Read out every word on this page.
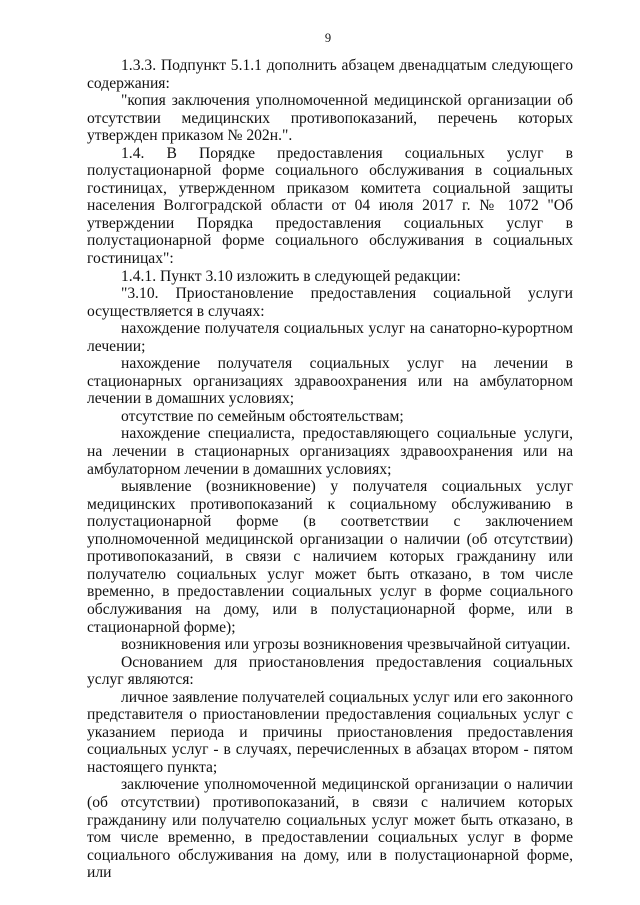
9

1.3.3. Подпункт 5.1.1 дополнить абзацем двенадцатым следующего содержания:

"копия заключения уполномоченной медицинской организации об отсутствии медицинских противопоказаний, перечень которых утвержден приказом № 202н.".

1.4. В Порядке предоставления социальных услуг в полустационарной форме социального обслуживания в социальных гостиницах, утвержденном приказом комитета социальной защиты населения Волгоградской области от 04 июля 2017 г. № 1072 "Об утверждении Порядка предоставления социальных услуг в полустационарной форме социального обслуживания в социальных гостиницах":

1.4.1. Пункт 3.10 изложить в следующей редакции:

"3.10. Приостановление предоставления социальной услуги осуществляется в случаях:

нахождение получателя социальных услуг на санаторно-курортном лечении;

нахождение получателя социальных услуг на лечении в стационарных организациях здравоохранения или на амбулаторном лечении в домашних условиях;

отсутствие по семейным обстоятельствам;

нахождение специалиста, предоставляющего социальные услуги, на лечении в стационарных организациях здравоохранения или на амбулаторном лечении в домашних условиях;

выявление (возникновение) у получателя социальных услуг медицинских противопоказаний к социальному обслуживанию в полустационарной форме (в соответствии с заключением уполномоченной медицинской организации о наличии (об отсутствии) противопоказаний, в связи с наличием которых гражданину или получателю социальных услуг может быть отказано, в том числе временно, в предоставлении социальных услуг в форме социального обслуживания на дому, или в полустационарной форме, или в стационарной форме);

возникновения или угрозы возникновения чрезвычайной ситуации.

Основанием для приостановления предоставления социальных услуг являются:

личное заявление получателей социальных услуг или его законного представителя о приостановлении предоставления социальных услуг с указанием периода и причины приостановления предоставления социальных услуг - в случаях, перечисленных в абзацах втором - пятом настоящего пункта;

заключение уполномоченной медицинской организации о наличии (об отсутствии) противопоказаний, в связи с наличием которых гражданину или получателю социальных услуг может быть отказано, в том числе временно, в предоставлении социальных услуг в форме социального обслуживания на дому, или в полустационарной форме, или
